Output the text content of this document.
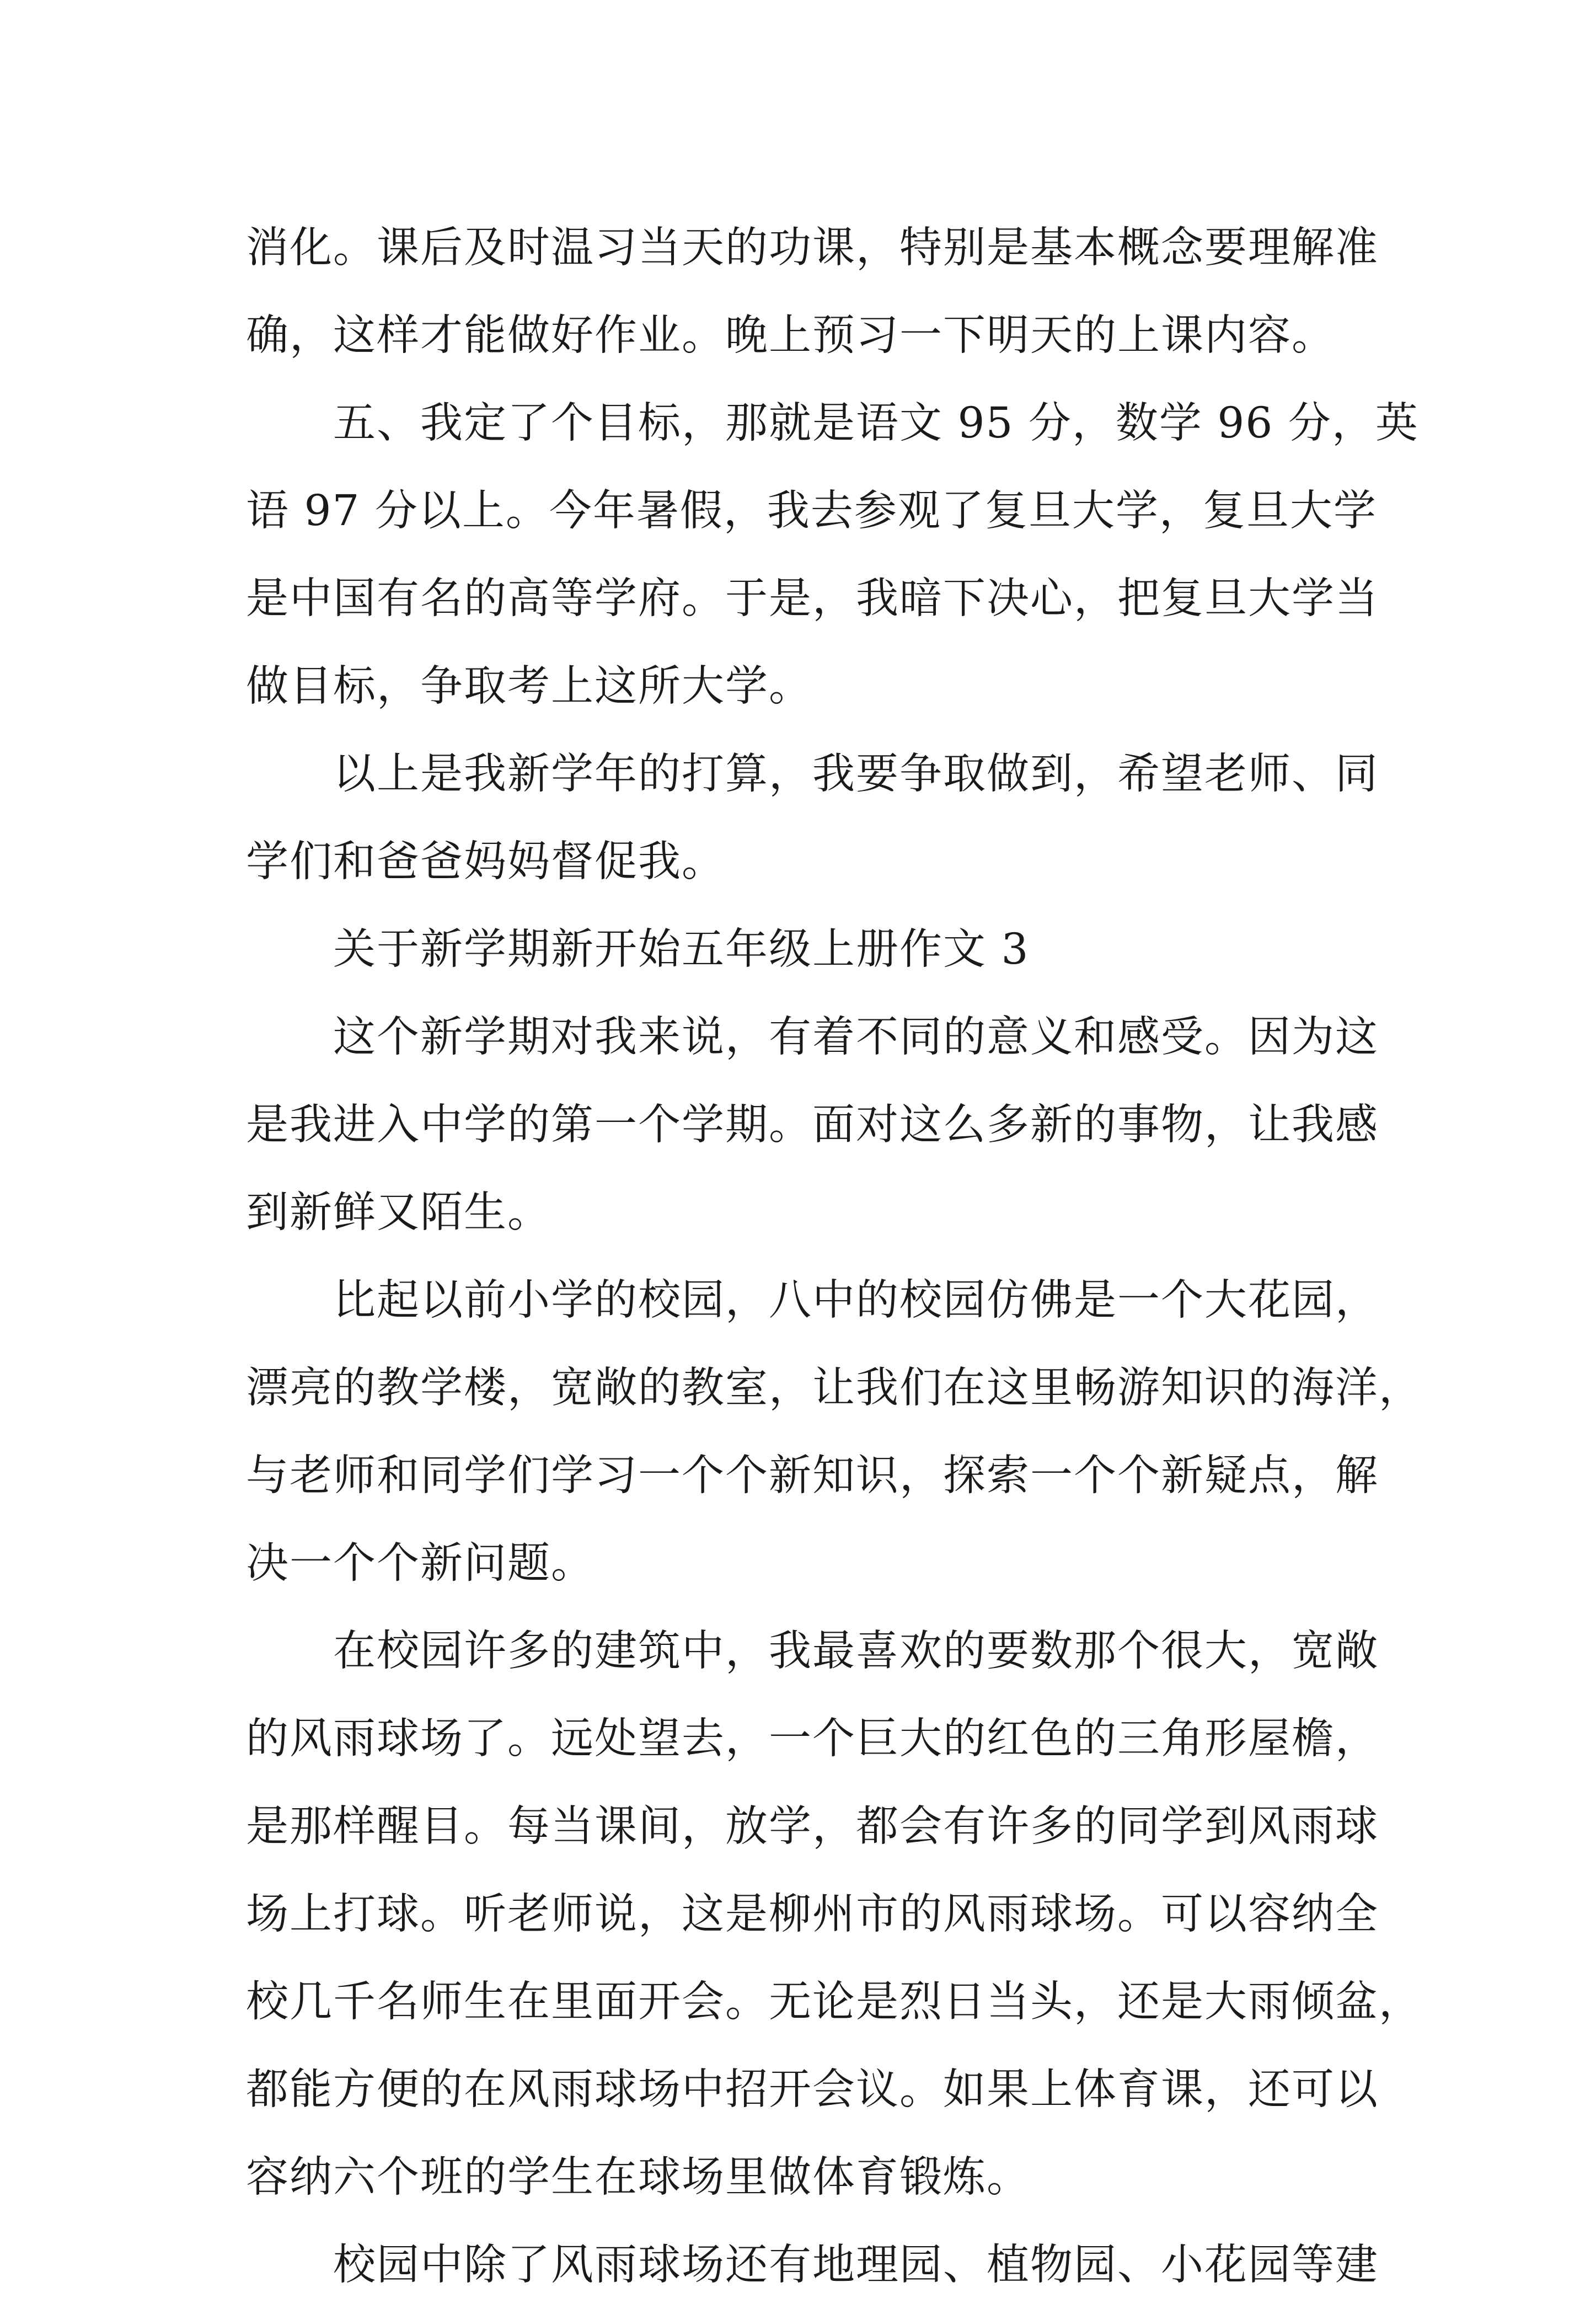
消化。课后及时温习当天的功课，特别是基本概念要理解准
确，这样才能做好作业。晚上预习一下明天的上课内容。
五、我定了个目标，那就是语文 95 分，数学 96 分，英
语 97 分以上。今年暑假，我去参观了复旦大学，复旦大学
是中国有名的高等学府。于是，我暗下决心，把复旦大学当
做目标，争取考上这所大学。
以上是我新学年的打算，我要争取做到，希望老师、同
学们和爸爸妈妈督促我。
关于新学期新开始五年级上册作文 3
这个新学期对我来说，有着不同的意义和感受。因为这
是我进入中学的第一个学期。面对这么多新的事物，让我感
到新鲜又陌生。
比起以前小学的校园，八中的校园仿佛是一个大花园，
漂亮的教学楼，宽敞的教室，让我们在这里畅游知识的海洋，
与老师和同学们学习一个个新知识，探索一个个新疑点，解
决一个个新问题。
在校园许多的建筑中，我最喜欢的要数那个很大，宽敞
的风雨球场了。远处望去，一个巨大的红色的三角形屋檐，
是那样醒目。每当课间，放学，都会有许多的同学到风雨球
场上打球。听老师说，这是柳州市的风雨球场。可以容纳全
校几千名师生在里面开会。无论是烈日当头，还是大雨倾盆，
都能方便的在风雨球场中招开会议。如果上体育课，还可以
容纳六个班的学生在球场里做体育锻炼。
校园中除了风雨球场还有地理园、植物园、小花园等建
